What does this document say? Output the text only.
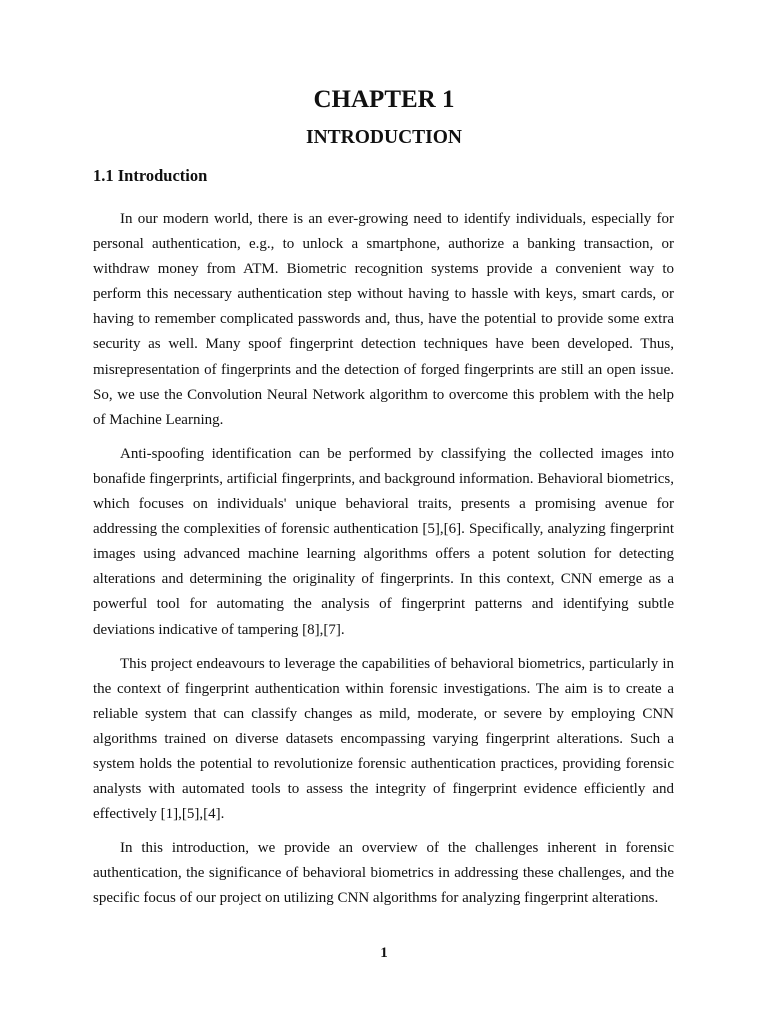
CHAPTER 1
INTRODUCTION
1.1 Introduction

In our modern world, there is an ever-growing need to identify individuals, especially for personal authentication, e.g., to unlock a smartphone, authorize a banking transaction, or withdraw money from ATM. Biometric recognition systems provide a convenient way to perform this necessary authentication step without having to hassle with keys, smart cards, or having to remember complicated passwords and, thus, have the potential to provide some extra security as well. Many spoof fingerprint detection techniques have been developed. Thus, misrepresentation of fingerprints and the detection of forged fingerprints are still an open issue. So, we use the Convolution Neural Network algorithm to overcome this problem with the help of Machine Learning.

Anti-spoofing identification can be performed by classifying the collected images into bonafide fingerprints, artificial fingerprints, and background information. Behavioral biometrics, which focuses on individuals' unique behavioral traits, presents a promising avenue for addressing the complexities of forensic authentication [5],[6]. Specifically, analyzing fingerprint images using advanced machine learning algorithms offers a potent solution for detecting alterations and determining the originality of fingerprints. In this context, CNN emerge as a powerful tool for automating the analysis of fingerprint patterns and identifying subtle deviations indicative of tampering [8],[7].

This project endeavours to leverage the capabilities of behavioral biometrics, particularly in the context of fingerprint authentication within forensic investigations. The aim is to create a reliable system that can classify changes as mild, moderate, or severe by employing CNN algorithms trained on diverse datasets encompassing varying fingerprint alterations. Such a system holds the potential to revolutionize forensic authentication practices, providing forensic analysts with automated tools to assess the integrity of fingerprint evidence efficiently and effectively [1],[5],[4].

In this introduction, we provide an overview of the challenges inherent in forensic authentication, the significance of behavioral biometrics in addressing these challenges, and the specific focus of our project on utilizing CNN algorithms for analyzing fingerprint alterations.

1
